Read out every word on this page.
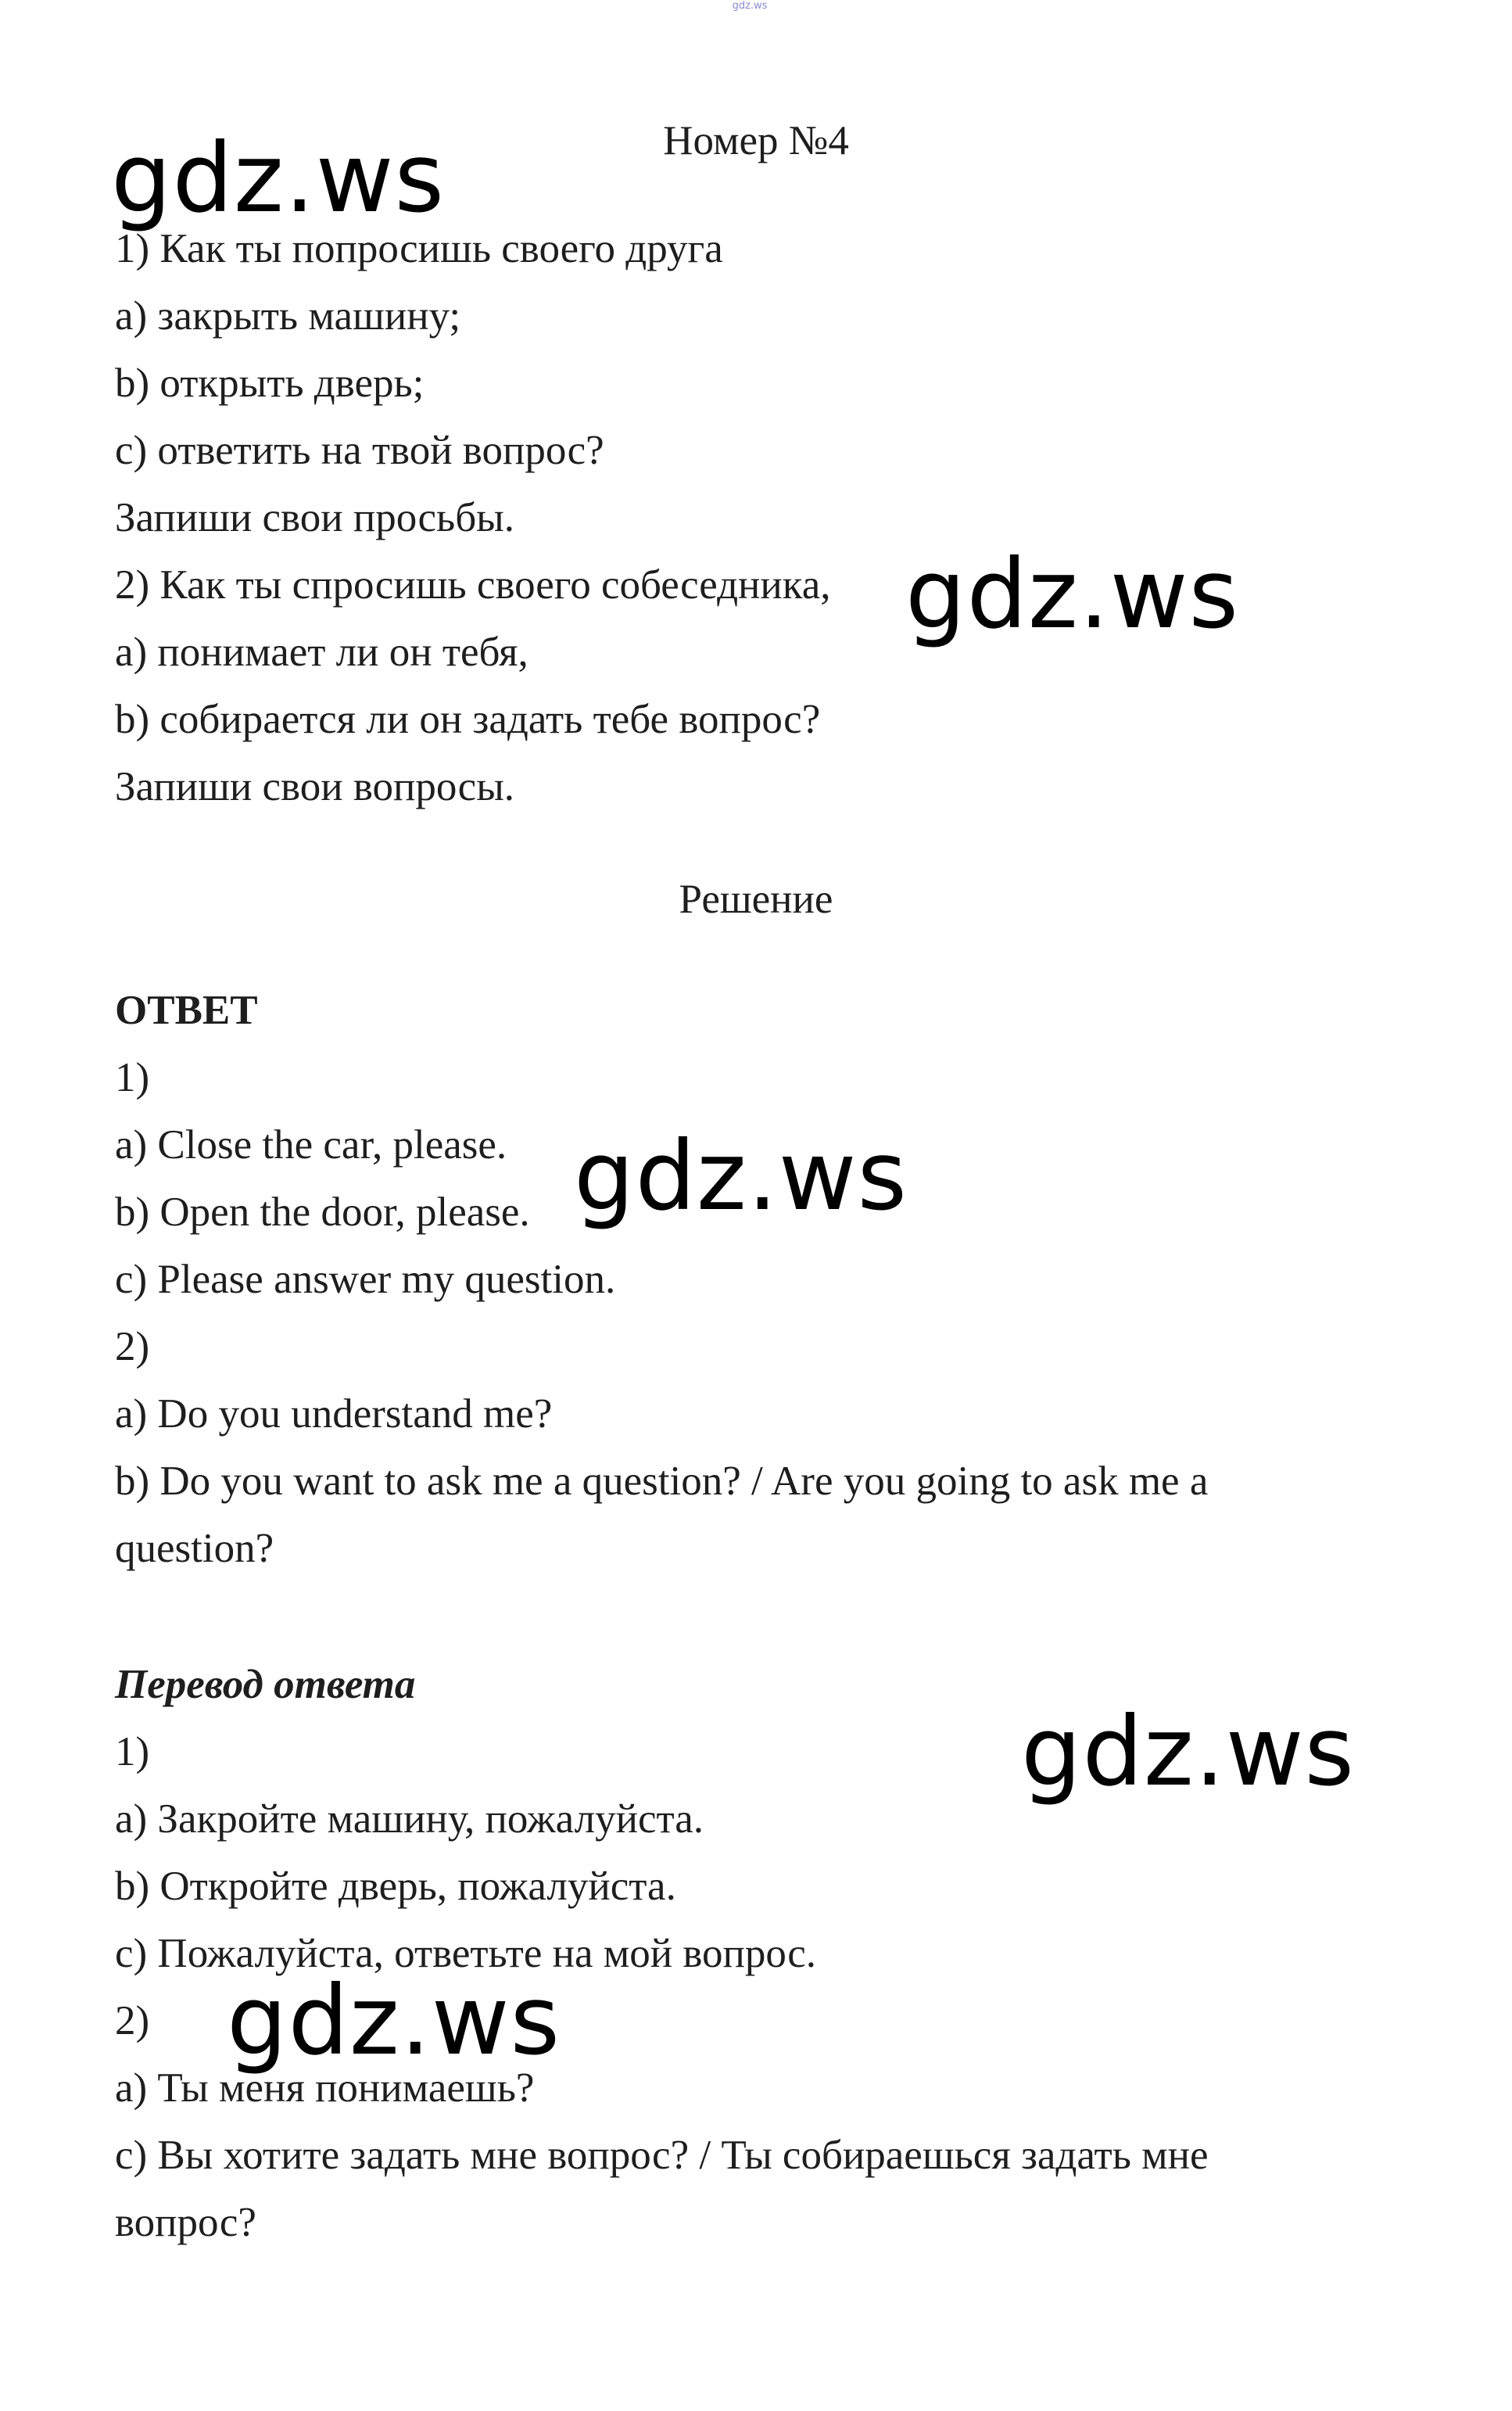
gdz.ws
Номер №4
1) Как ты попросишь своего друга
a) закрыть машину;
b) открыть дверь;
c) ответить на твой вопрос?
Запиши свои просьбы.
2) Как ты спросишь своего собеседника,
a) понимает ли он тебя,
b) собирается ли он задать тебе вопрос?
Запиши свои вопросы.
Решение
ОТВЕТ
1)
a) Close the car, please.
b) Open the door, please.
c) Please answer my question.
2)
a) Do you understand me?
b) Do you want to ask me a question? / Are you going to ask me a
question?
Перевод ответа
1)
a) Закройте машину, пожалуйста.
b) Откройте дверь, пожалуйста.
c) Пожалуйста, ответьте на мой вопрос.
2)
a) Ты меня понимаешь?
c) Вы хотите задать мне вопрос? / Ты собираешься задать мне
вопрос?
gdz.ws
gdz.ws
gdz.ws
gdz.ws
gdz.ws
